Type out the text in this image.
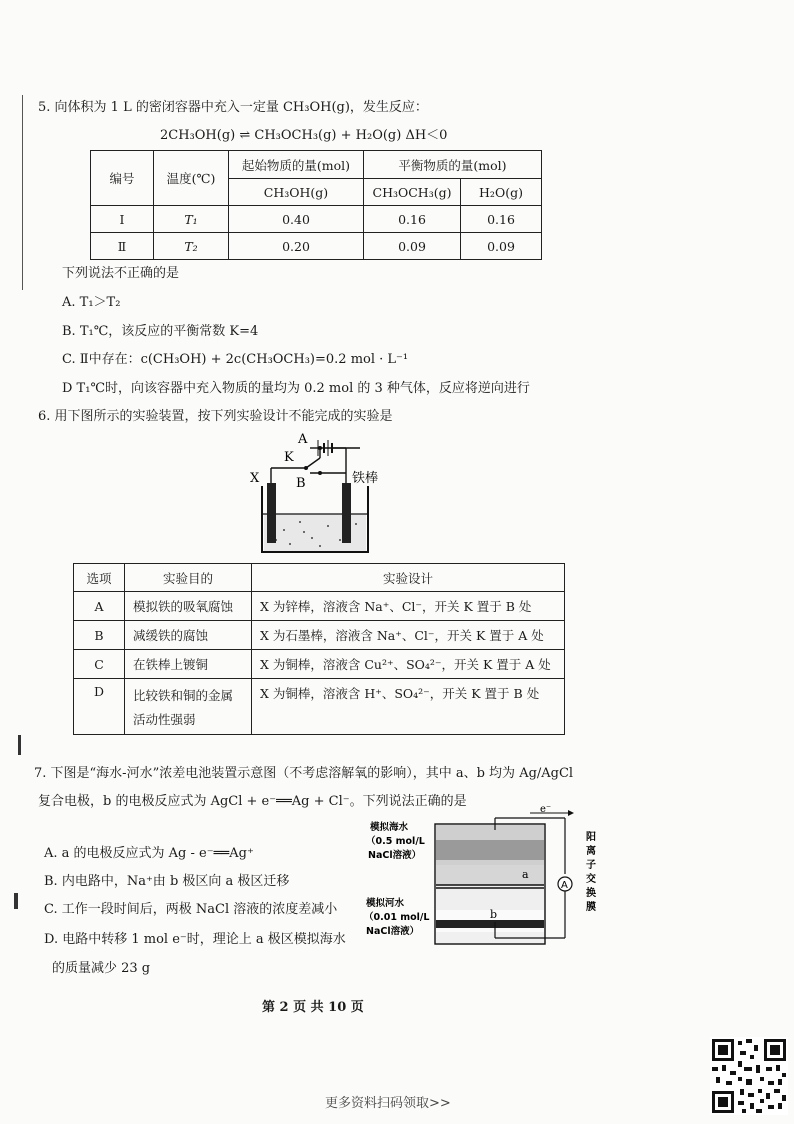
5. 向体积为 1 L 的密闭容器中充入一定量 CH₃OH(g)，发生反应：
2CH₃OH(g) ⇌ CH₃OCH₃(g) + H₂O(g) ΔH＜0
编号	温度(℃)	起始物质的量(mol)	平衡物质的量(mol)	
		CH₃OH(g)	CH₃OCH₃(g)	H₂O(g)
Ⅰ	T₁	0.40	0.16	0.16
Ⅱ	T₂	0.20	0.09	0.09
下列说法不正确的是
A. T₁＞T₂
B. T₁℃，该反应的平衡常数 K=4
C. Ⅱ中存在：c(CH₃OH) + 2c(CH₃OCH₃)=0.2 mol · L⁻¹
D T₁℃时，向该容器中充入物质的量均为 0.2 mol 的 3 种气体，反应将逆向进行
6. 用下图所示的实验装置，按下列实验设计不能完成的实验是
A
K
B
X	铁棒
选项	实验目的	实验设计
A	模拟铁的吸氧腐蚀	X 为锌棒，溶液含 Na⁺、Cl⁻，开关 K 置于 B 处
B	减缓铁的腐蚀	X 为石墨棒，溶液含 Na⁺、Cl⁻，开关 K 置于 A 处
C	在铁棒上镀铜	X 为铜棒，溶液含 Cu²⁺、SO₄²⁻，开关 K 置于 A 处
D	比较铁和铜的金属
活动性强弱	X 为铜棒，溶液含 H⁺、SO₄²⁻，开关 K 置于 B 处
7. 下图是“海水-河水”浓差电池装置示意图（不考虑溶解氧的影响），其中 a、b 均为 Ag/AgCl
复合电极，b 的电极反应式为 AgCl + e⁻══Ag + Cl⁻。下列说法正确的是
A. a 的电极反应式为 Ag - e⁻══Ag⁺
B. 内电路中，Na⁺由 b 极区向 a 极区迁移
C. 工作一段时间后，两极 NaCl 溶液的浓度差减小
D. 电路中转移 1 mol e⁻时，理论上 a 极区模拟海水
的质量减少 23 g
A
e⁻
a
b
模拟海水
（0.5 mol/L
NaCl溶液）
模拟河水
（0.01 mol/L
NaCl溶液）
阳
离
子
交
换
膜
第 2 页 共 10 页
更多资料扫码领取>>
